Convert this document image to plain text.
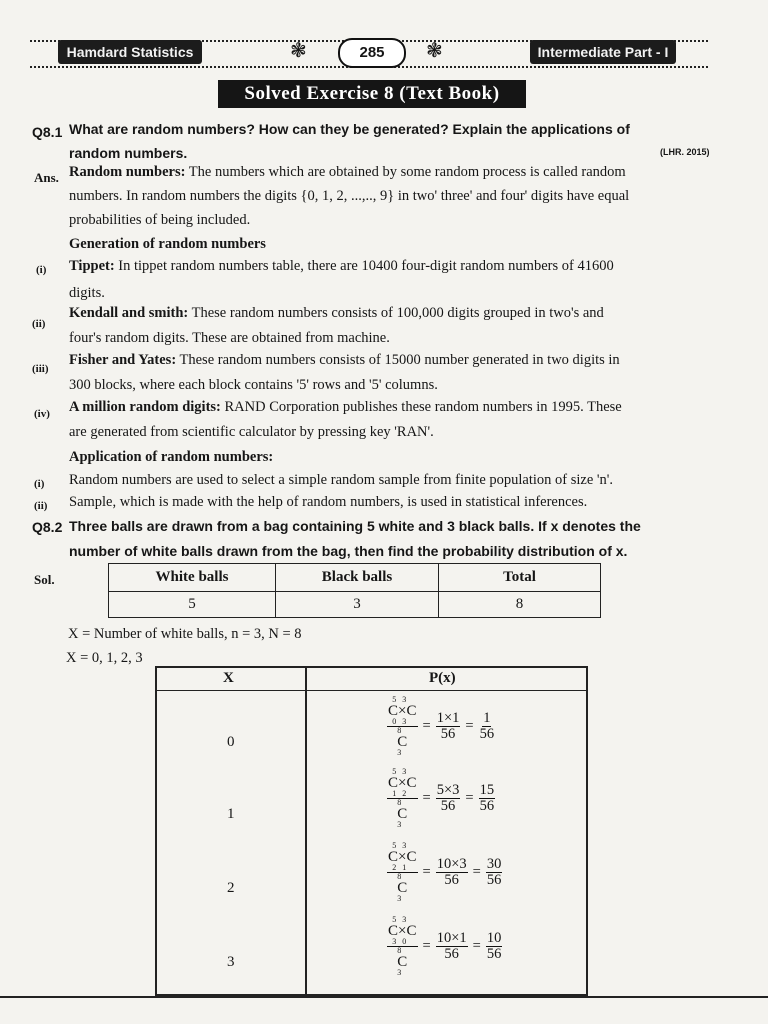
Hamdard Statistics	❃	285	❃	Intermediate Part - I
Solved Exercise 8 (Text Book)
Q8.1 What are random numbers? How can they be generated? Explain the applications of
random numbers.	(LHR. 2015)
Ans. Random numbers: The numbers which are obtained by some random process is called random
numbers. In random numbers the digits {0, 1, 2, ...,.., 9} in two' three' and four' digits have equal
probabilities of being included.
Generation of random numbers
(i) Tippet: In tippet random numbers table, there are 10400 four-digit random numbers of 41600
digits.
(ii)
Kendall and smith: These random numbers consists of 100,000 digits grouped in two's and
four's random digits. These are obtained from machine.
(iii)
Fisher and Yates: These random numbers consists of 15000 number generated in two digits in
300 blocks, where each block contains '5' rows and '5' columns.
(iv) A million random digits: RAND Corporation publishes these random numbers in 1995. These
are generated from scientific calculator by pressing key 'RAN'.
Application of random numbers:
(i) Random numbers are used to select a simple random sample from finite population of size 'n'.
(ii) Sample, which is made with the help of random numbers, is used in statistical inferences.
Q8.2 Three balls are drawn from a bag containing 5 white and 3 black balls. If x denotes the
number of white balls drawn from the bag, then find the probability distribution of x.
Sol.	White balls	Black balls	Total
5	3	8
X = Number of white balls, n = 3, N = 8
X = 0, 1, 2, 3
X	P(x)
0	53
C×C
03
8
C
$3 = \frac{1\times 1}{56} = \frac{1}{56}$
1	53
C×C
12
8
C
$3 = \frac{5\times 3}{56} = \frac{15}{56}$
2	53
C×C
21
8
C
$3 = \frac{10\times 3}{56} = \frac{30}{56}$
3	53
C×C
30
8
C
$3 = \frac{10\times 1}{56} = \frac{10}{56}$
